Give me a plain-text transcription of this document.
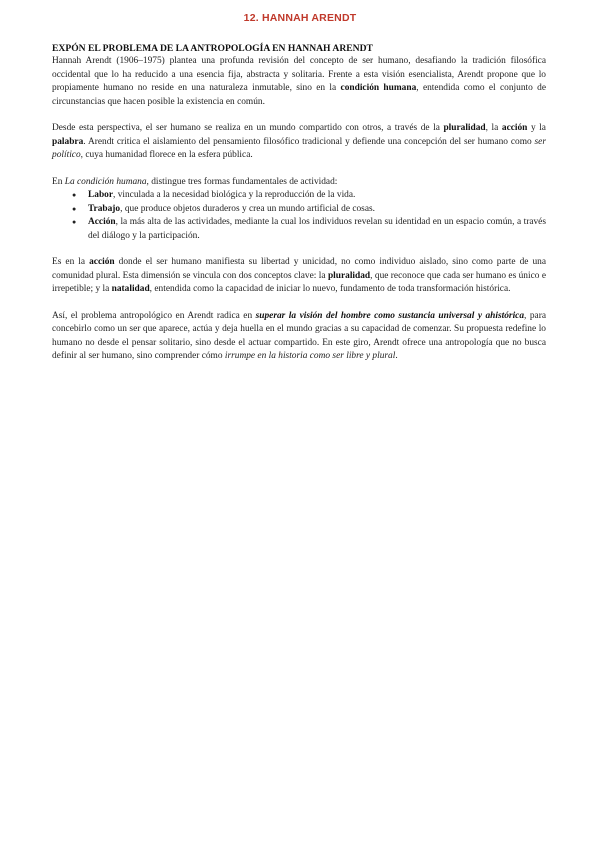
12. HANNAH ARENDT
EXPÓN EL PROBLEMA DE LA ANTROPOLOGÍA EN HANNAH ARENDT

Hannah Arendt (1906–1975) plantea una profunda revisión del concepto de ser humano, desafiando la tradición filosófica occidental que lo ha reducido a una esencia fija, abstracta y solitaria. Frente a esta visión esencialista, Arendt propone que lo propiamente humano no reside en una naturaleza inmutable, sino en la condición humana, entendida como el conjunto de circunstancias que hacen posible la existencia en común.

Desde esta perspectiva, el ser humano se realiza en un mundo compartido con otros, a través de la pluralidad, la acción y la palabra. Arendt critica el aislamiento del pensamiento filosófico tradicional y defiende una concepción del ser humano como ser político, cuya humanidad florece en la esfera pública.

En La condición humana, distingue tres formas fundamentales de actividad:

● Labor, vinculada a la necesidad biológica y la reproducción de la vida.
● Trabajo, que produce objetos duraderos y crea un mundo artificial de cosas.
● Acción, la más alta de las actividades, mediante la cual los individuos revelan su identidad en un espacio común, a través del diálogo y la participación.

Es en la acción donde el ser humano manifiesta su libertad y unicidad, no como individuo aislado, sino como parte de una comunidad plural. Esta dimensión se vincula con dos conceptos clave: la pluralidad, que reconoce que cada ser humano es único e irrepetible; y la natalidad, entendida como la capacidad de iniciar lo nuevo, fundamento de toda transformación histórica.

Así, el problema antropológico en Arendt radica en superar la visión del hombre como sustancia universal y ahistórica, para concebirlo como un ser que aparece, actúa y deja huella en el mundo gracias a su capacidad de comenzar. Su propuesta redefine lo humano no desde el pensar solitario, sino desde el actuar compartido. En este giro, Arendt ofrece una antropología que no busca definir al ser humano, sino comprender cómo irrumpe en la historia como ser libre y plural.
